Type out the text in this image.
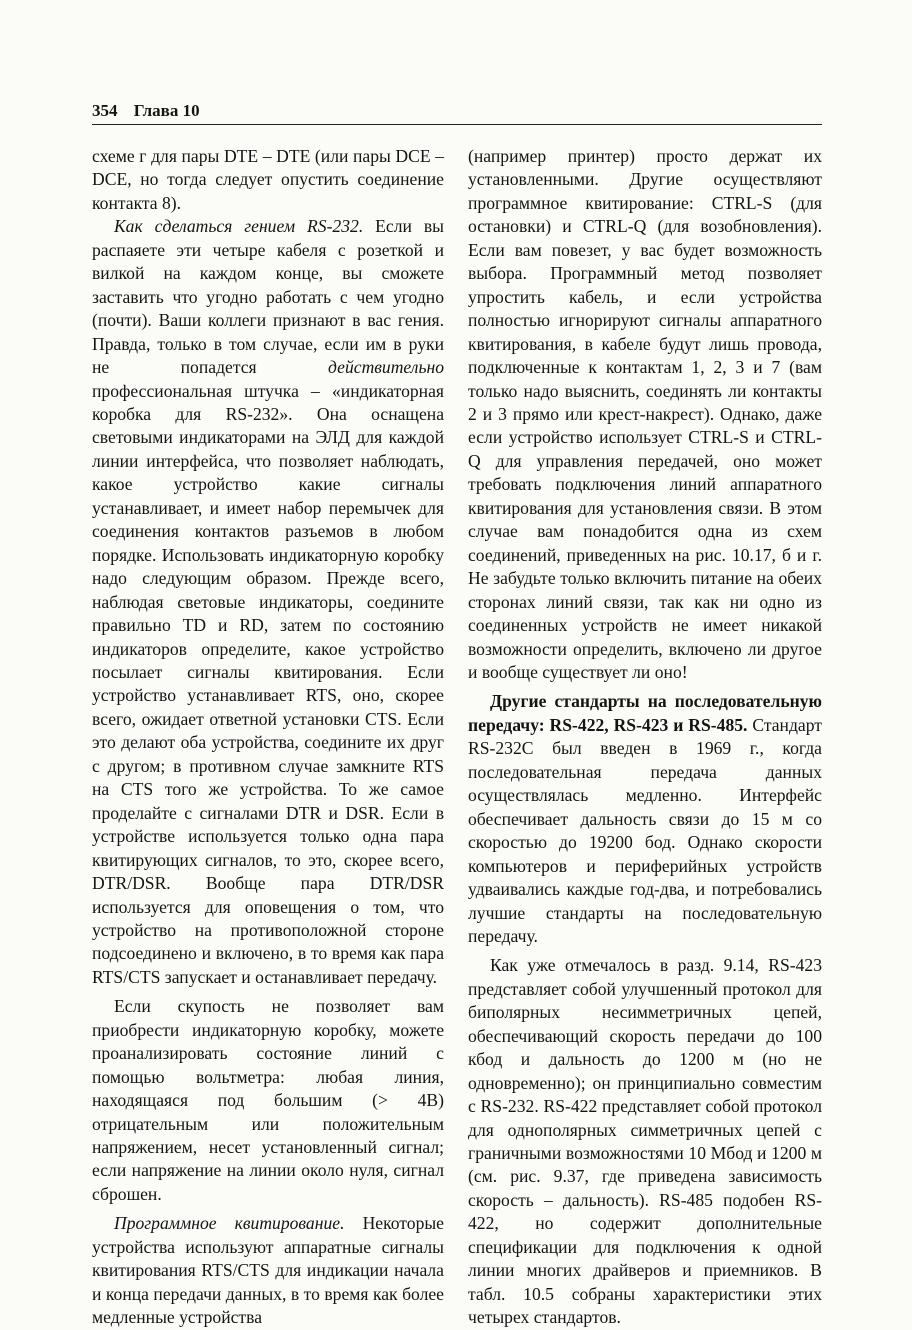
354 Глава 10

схеме г для пары DTE – DTE (или пары DCE – DCE, но тогда следует опустить соединение контакта 8).

Как сделаться гением RS-232. Если вы распаяете эти четыре кабеля с розеткой и вилкой на каждом конце, вы сможете заставить что угодно работать с чем угодно (почти). Ваши коллеги признают в вас гения. Правда, только в том случае, если им в руки не попадется действительно профессиональная штучка – «индикаторная коробка для RS-232». Она оснащена световыми индикаторами на ЭЛД для каждой линии интерфейса, что позволяет наблюдать, какое устройство какие сигналы устанавливает, и имеет набор перемычек для соединения контактов разъемов в любом порядке. Использовать индикаторную коробку надо следующим образом. Прежде всего, наблюдая световые индикаторы, соедините правильно TD и RD, затем по состоянию индикаторов определите, какое устройство посылает сигналы квитирования. Если устройство устанавливает RTS, оно, скорее всего, ожидает ответной установки CTS. Если это делают оба устройства, соедините их друг с другом; в противном случае замкните RTS на CTS того же устройства. То же самое проделайте с сигналами DTR и DSR. Если в устройстве используется только одна пара квитирующих сигналов, то это, скорее всего, DTR/DSR. Вообще пара DTR/DSR используется для оповещения о том, что устройство на противоположной стороне подсоединено и включено, в то время как пара RTS/CTS запускает и останавливает передачу.

Если скупость не позволяет вам приобрести индикаторную коробку, можете проанализировать состояние линий с помощью вольтметра: любая линия, находящаяся под большим (> 4В) отрицательным или положительным напряжением, несет установленный сигнал; если напряжение на линии около нуля, сигнал сброшен.

Программное квитирование. Некоторые устройства используют аппаратные сигналы квитирования RTS/CTS для индикации начала и конца передачи данных, в то время как более медленные устройства

(например принтер) просто держат их установленными. Другие осуществляют программное квитирование: CTRL-S (для остановки) и CTRL-Q (для возобновления). Если вам повезет, у вас будет возможность выбора. Программный метод позволяет упростить кабель, и если устройства полностью игнорируют сигналы аппаратного квитирования, в кабеле будут лишь провода, подключенные к контактам 1, 2, 3 и 7 (вам только надо выяснить, соединять ли контакты 2 и 3 прямо или крест-накрест). Однако, даже если устройство использует CTRL-S и CTRL-Q для управления передачей, оно может требовать подключения линий аппаратного квитирования для установления связи. В этом случае вам понадобится одна из схем соединений, приведенных на рис. 10.17, б и г. Не забудьте только включить питание на обеих сторонах линий связи, так как ни одно из соединенных устройств не имеет никакой возможности определить, включено ли другое и вообще существует ли оно!

Другие стандарты на последовательную передачу: RS-422, RS-423 и RS-485. Стандарт RS-232C был введен в 1969 г., когда последовательная передача данных осуществлялась медленно. Интерфейс обеспечивает дальность связи до 15 м со скоростью до 19200 бод. Однако скорости компьютеров и периферийных устройств удваивались каждые год-два, и потребовались лучшие стандарты на последовательную передачу.

Как уже отмечалось в разд. 9.14, RS-423 представляет собой улучшенный протокол для биполярных несимметричных цепей, обеспечивающий скорость передачи до 100 кбод и дальность до 1200 м (но не одновременно); он принципиально совместим с RS-232. RS-422 представляет собой протокол для однополярных симметричных цепей с граничными возможностями 10 Мбод и 1200 м (см. рис. 9.37, где приведена зависимость скорость – дальность). RS-485 подобен RS-422, но содержит дополнительные спецификации для подключения к одной линии многих драйверов и приемников. В табл. 10.5 собраны характеристики этих четырех стандартов.
